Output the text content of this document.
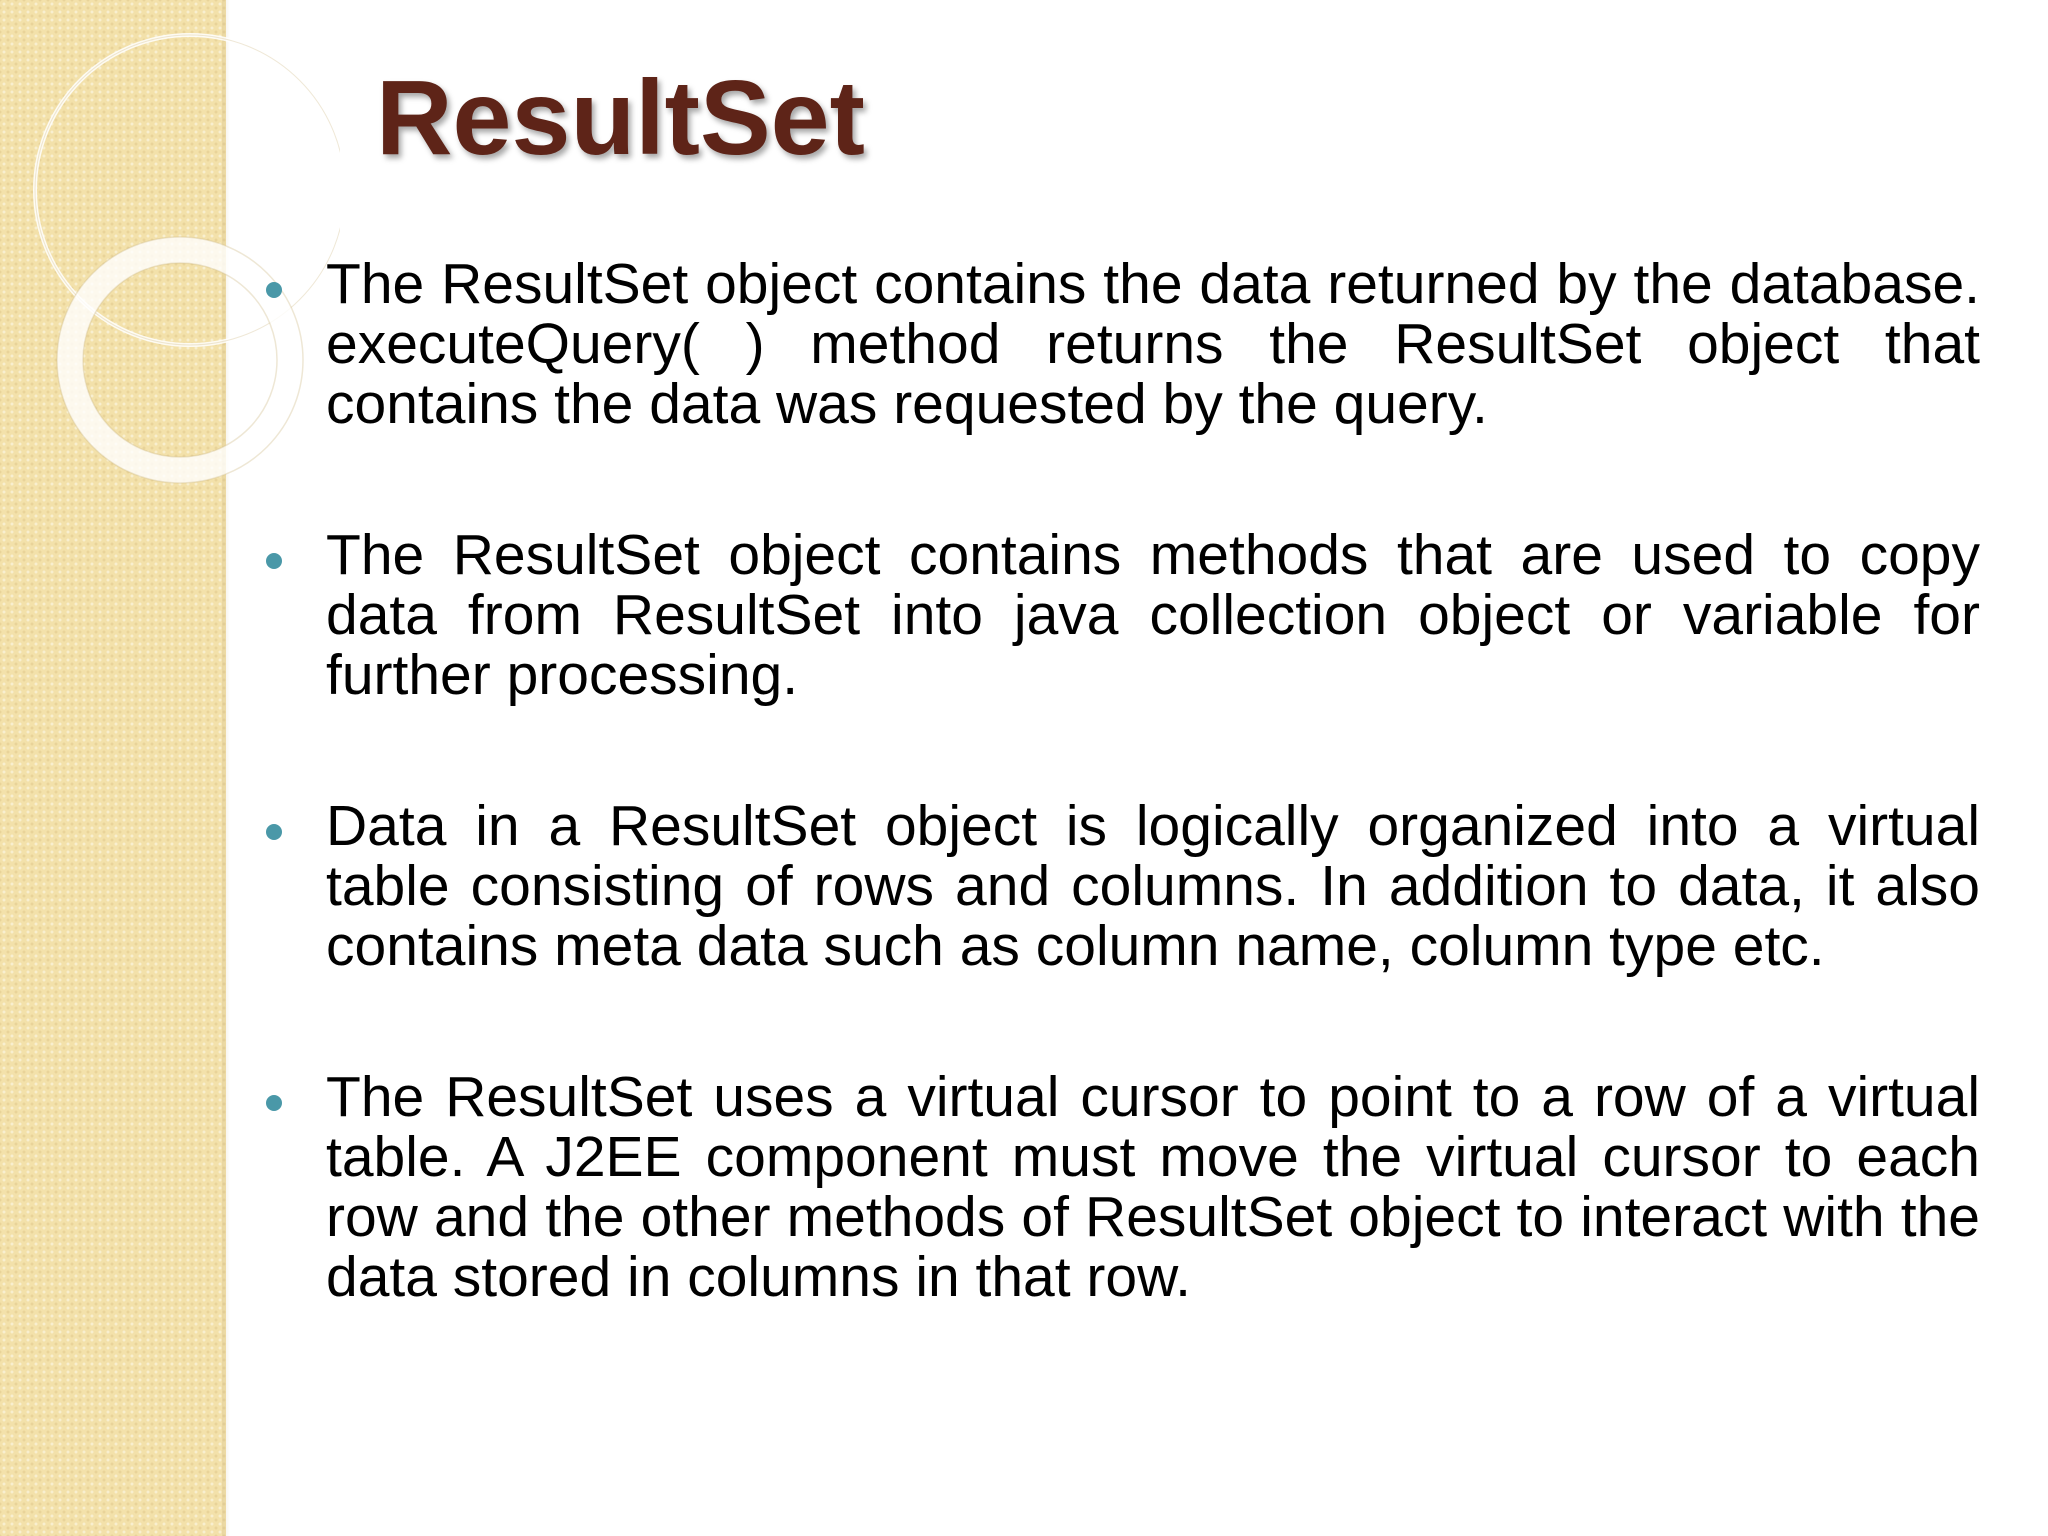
ResultSet

The ResultSet object contains the data returned by the database. executeQuery( ) method returns the ResultSet object that contains the data was requested by the query.

The ResultSet object contains methods that are used to copy data from ResultSet into java collection object or variable for further processing.

Data in a ResultSet object is logically organized into a virtual table consisting of rows and columns. In addition to data, it also contains meta data such as column name, column type etc.

The ResultSet uses a virtual cursor to point to a row of a virtual table. A J2EE component must move the virtual cursor to each row and the other methods of ResultSet object to interact with the data stored in columns in that row.
